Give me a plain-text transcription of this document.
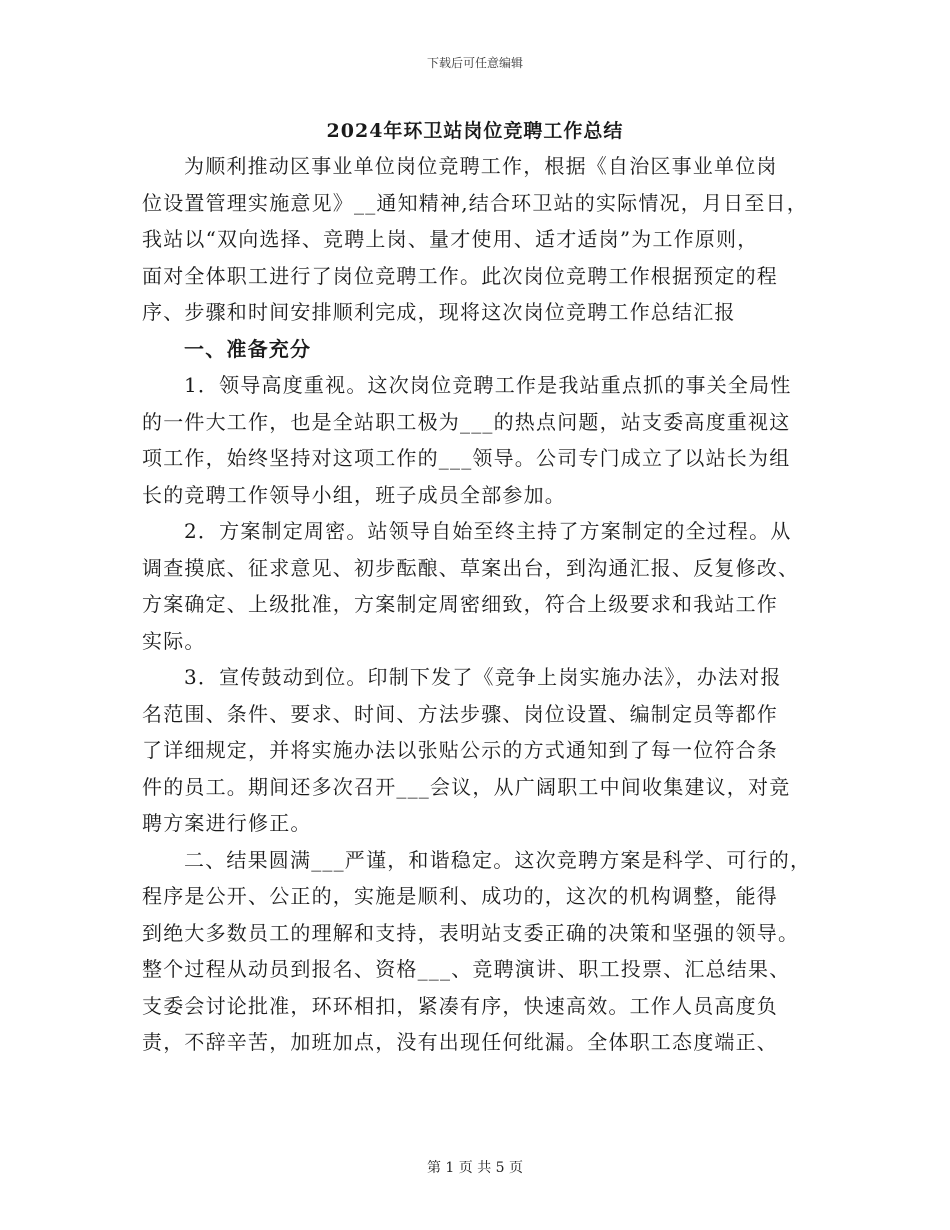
下载后可任意编辑
2024年环卫站岗位竞聘工作总结
为顺利推动区事业单位岗位竞聘工作，根据《自治区事业单位岗
位设置管理实施意见》__通知精神,结合环卫站的实际情况，月日至日，
我站以“双向选择、竞聘上岗、量才使用、适才适岗”为工作原则，
面对全体职工进行了岗位竞聘工作。此次岗位竞聘工作根据预定的程
序、步骤和时间安排顺利完成，现将这次岗位竞聘工作总结汇报
一、准备充分
1．领导高度重视。这次岗位竞聘工作是我站重点抓的事关全局性
的一件大工作，也是全站职工极为___的热点问题，站支委高度重视这
项工作，始终坚持对这项工作的___领导。公司专门成立了以站长为组
长的竞聘工作领导小组，班子成员全部参加。
2．方案制定周密。站领导自始至终主持了方案制定的全过程。从
调查摸底、征求意见、初步酝酿、草案出台，到沟通汇报、反复修改、
方案确定、上级批准，方案制定周密细致，符合上级要求和我站工作
实际。
3．宣传鼓动到位。印制下发了《竞争上岗实施办法》，办法对报
名范围、条件、要求、时间、方法步骤、岗位设置、编制定员等都作
了详细规定，并将实施办法以张贴公示的方式通知到了每一位符合条
件的员工。期间还多次召开___会议，从广阔职工中间收集建议，对竞
聘方案进行修正。
二、结果圆满___严谨，和谐稳定。这次竞聘方案是科学、可行的，
程序是公开、公正的，实施是顺利、成功的，这次的机构调整，能得
到绝大多数员工的理解和支持，表明站支委正确的决策和坚强的领导。
整个过程从动员到报名、资格___、竞聘演讲、职工投票、汇总结果、
支委会讨论批准，环环相扣，紧凑有序，快速高效。工作人员高度负
责，不辞辛苦，加班加点，没有出现任何纰漏。全体职工态度端正、
第 1 页 共 5 页
